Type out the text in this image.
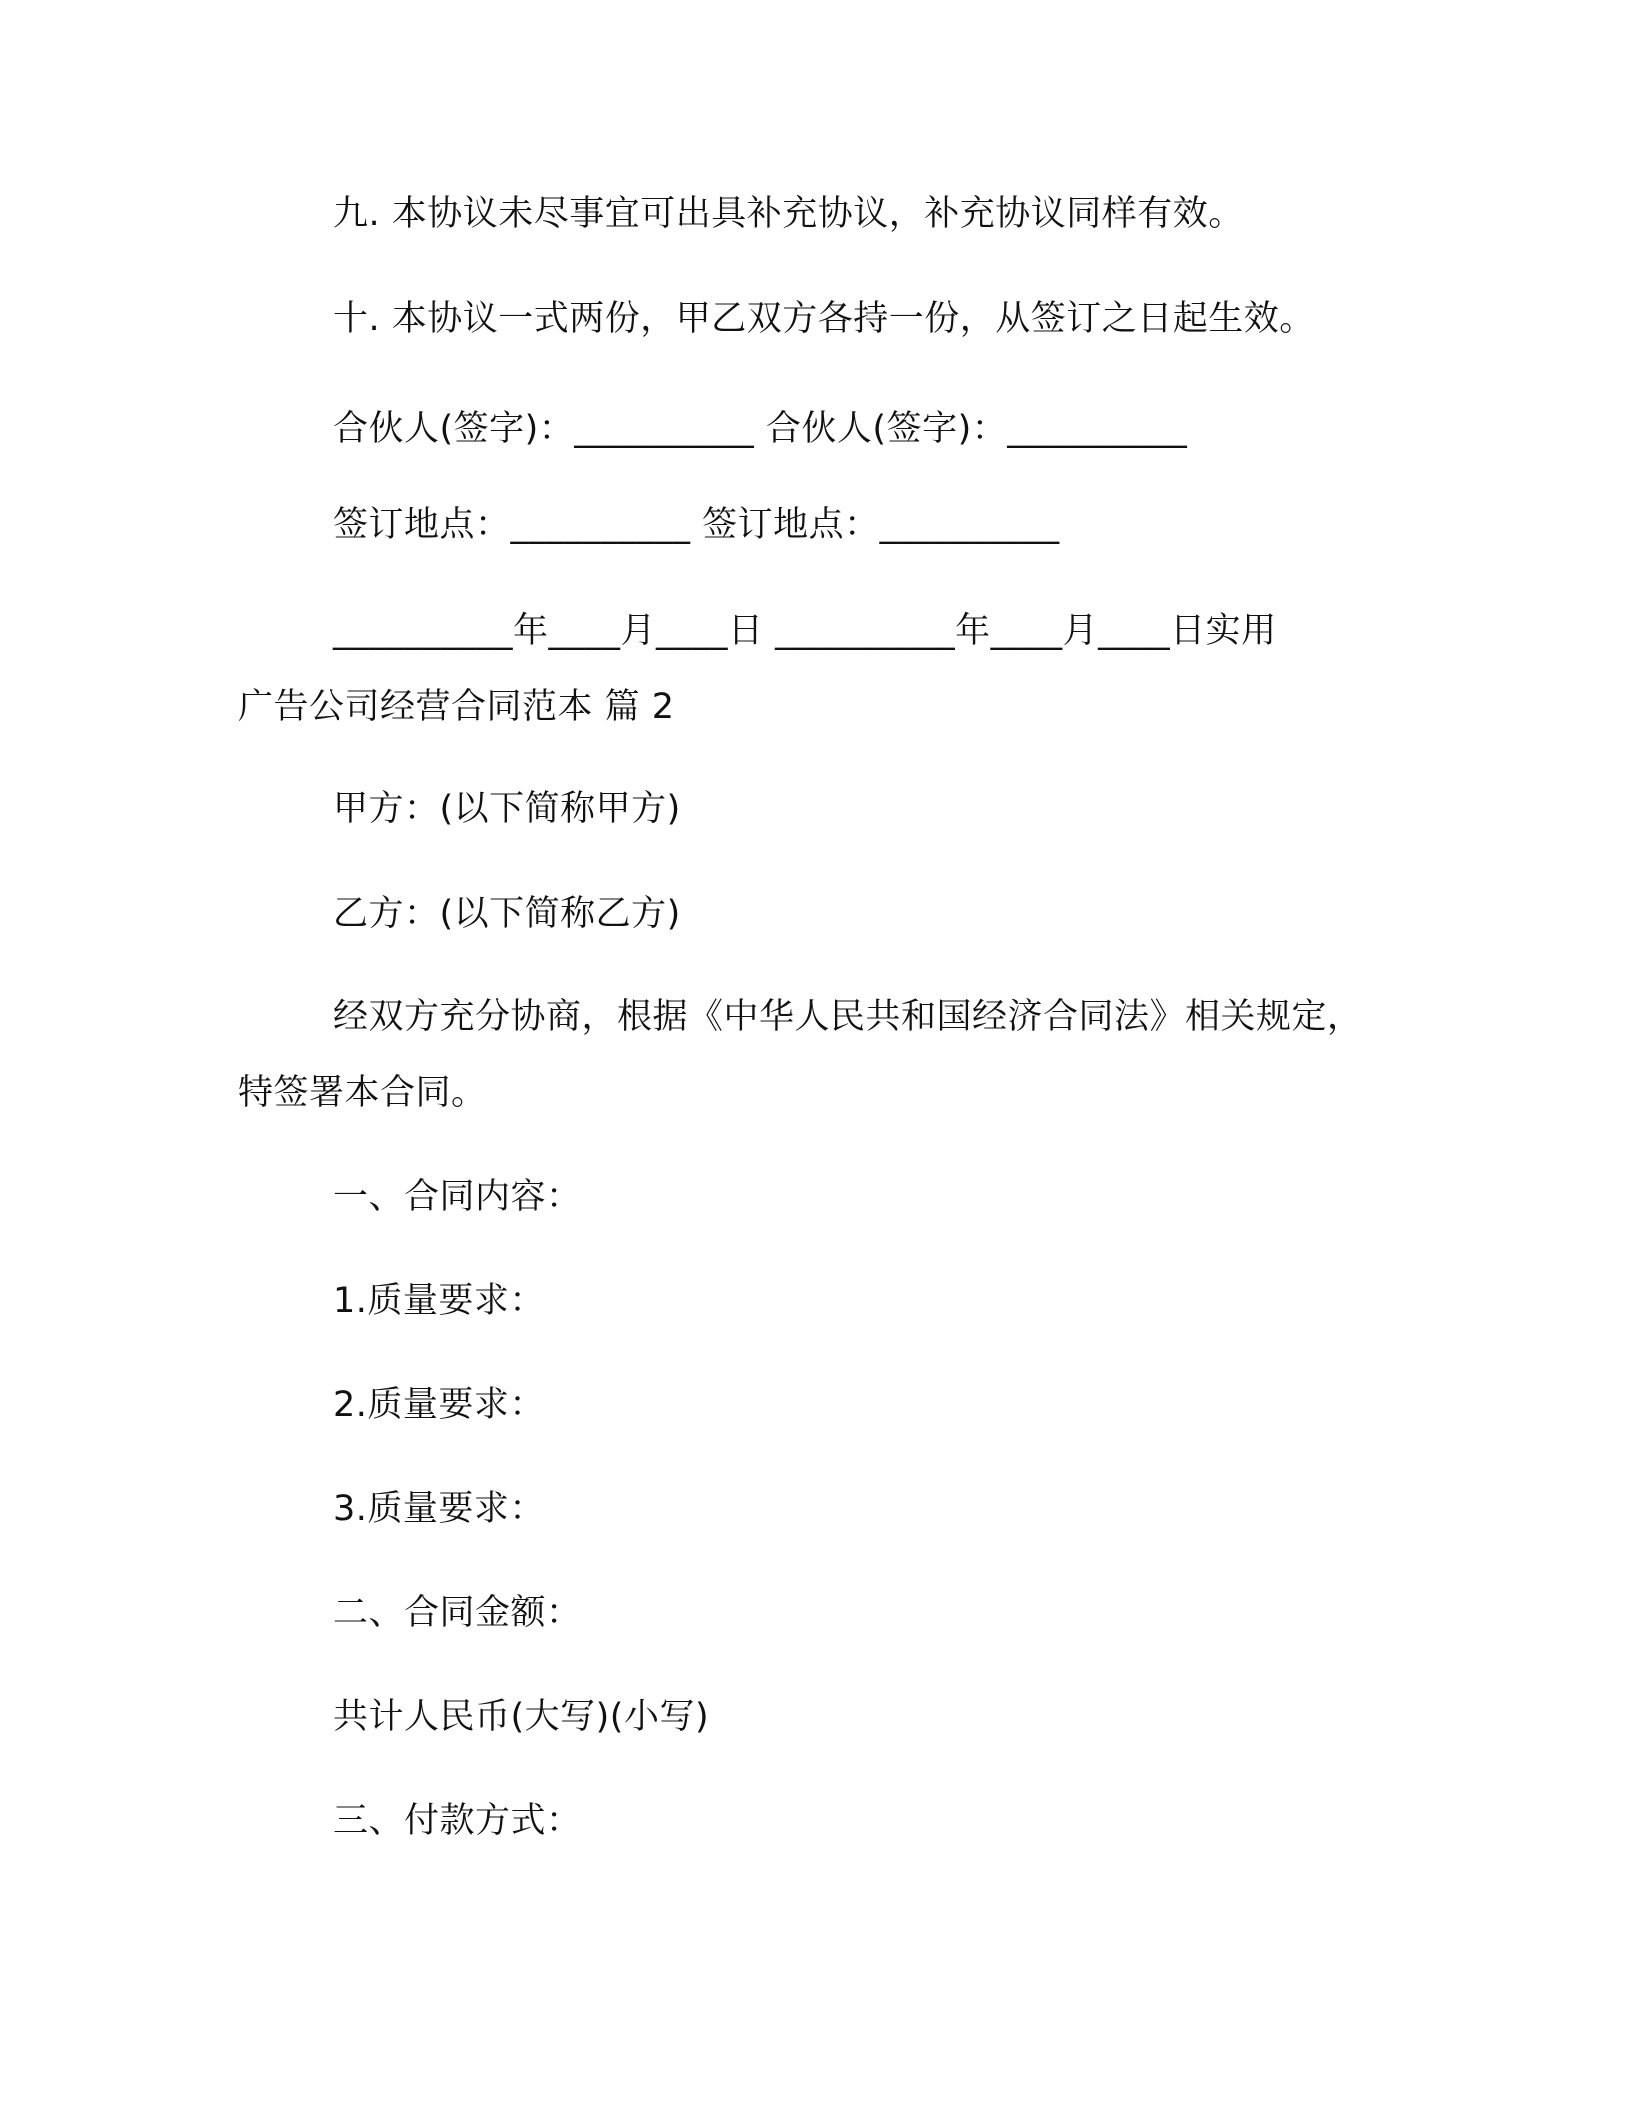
九. 本协议未尽事宜可出具补充协议，补充协议同样有效。
十. 本协议一式两份，甲乙双方各持一份，从签订之日起生效。
合伙人(签字)：__________ 合伙人(签字)：__________
签订地点：__________ 签订地点：__________
__________年____月____日 __________年____月____日实用
广告公司经营合同范本 篇 2
甲方：(以下简称甲方)
乙方：(以下简称乙方)
经双方充分协商，根据《中华人民共和国经济合同法》相关规定，
特签署本合同。
一、合同内容：
1.质量要求：
2.质量要求：
3.质量要求：
二、合同金额：
共计人民币(大写)(小写)
三、付款方式：
